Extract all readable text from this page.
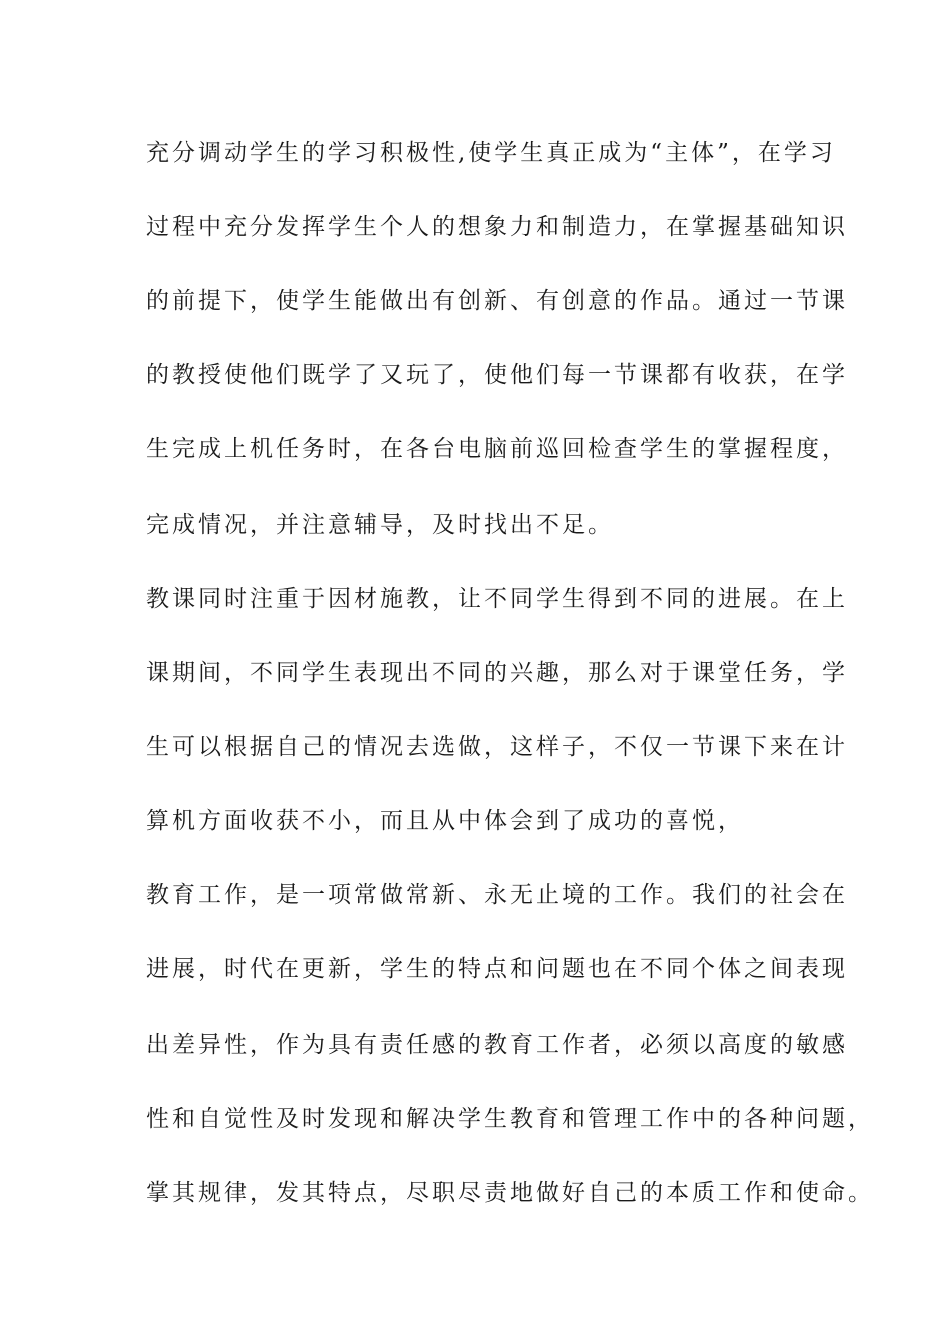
充分调动学生的学习积极性,使学生真正成为“主体”，在学习
过程中充分发挥学生个人的想象力和制造力，在掌握基础知识
的前提下，使学生能做出有创新、有创意的作品。通过一节课
的教授使他们既学了又玩了，使他们每一节课都有收获，在学
生完成上机任务时，在各台电脑前巡回检查学生的掌握程度，
完成情况，并注意辅导，及时找出不足。
教课同时注重于因材施教，让不同学生得到不同的进展。在上
课期间，不同学生表现出不同的兴趣，那么对于课堂任务，学
生可以根据自己的情况去选做，这样子，不仅一节课下来在计
算机方面收获不小，而且从中体会到了成功的喜悦，
教育工作，是一项常做常新、永无止境的工作。我们的社会在
进展，时代在更新，学生的特点和问题也在不同个体之间表现
出差异性，作为具有责任感的教育工作者，必须以高度的敏感
性和自觉性及时发现和解决学生教育和管理工作中的各种问题，
掌其规律，发其特点，尽职尽责地做好自己的本质工作和使命。
